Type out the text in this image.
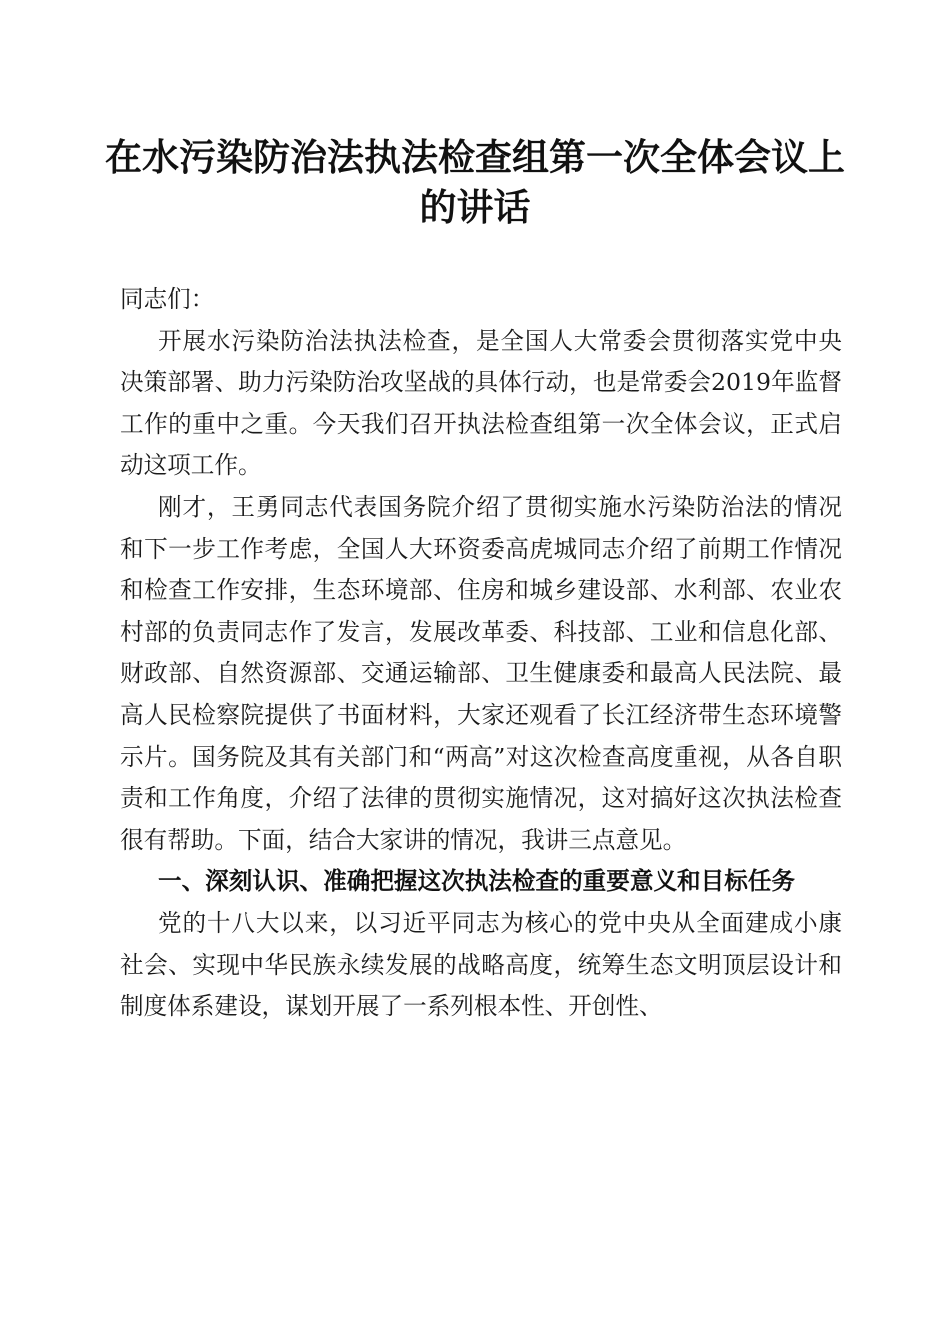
在水污染防治法执法检查组第一次全体会议上的讲话

同志们：

开展水污染防治法执法检查，是全国人大常委会贯彻落实党中央决策部署、助力污染防治攻坚战的具体行动，也是常委会2019年监督工作的重中之重。今天我们召开执法检查组第一次全体会议，正式启动这项工作。

刚才，王勇同志代表国务院介绍了贯彻实施水污染防治法的情况和下一步工作考虑，全国人大环资委高虎城同志介绍了前期工作情况和检查工作安排，生态环境部、住房和城乡建设部、水利部、农业农村部的负责同志作了发言，发展改革委、科技部、工业和信息化部、财政部、自然资源部、交通运输部、卫生健康委和最高人民法院、最高人民检察院提供了书面材料，大家还观看了长江经济带生态环境警示片。国务院及其有关部门和“两高”对这次检查高度重视，从各自职责和工作角度，介绍了法律的贯彻实施情况，这对搞好这次执法检查很有帮助。下面，结合大家讲的情况，我讲三点意见。

一、深刻认识、准确把握这次执法检查的重要意义和目标任务

党的十八大以来，以习近平同志为核心的党中央从全面建成小康社会、实现中华民族永续发展的战略高度，统筹生态文明顶层设计和制度体系建设，谋划开展了一系列根本性、开创性、
